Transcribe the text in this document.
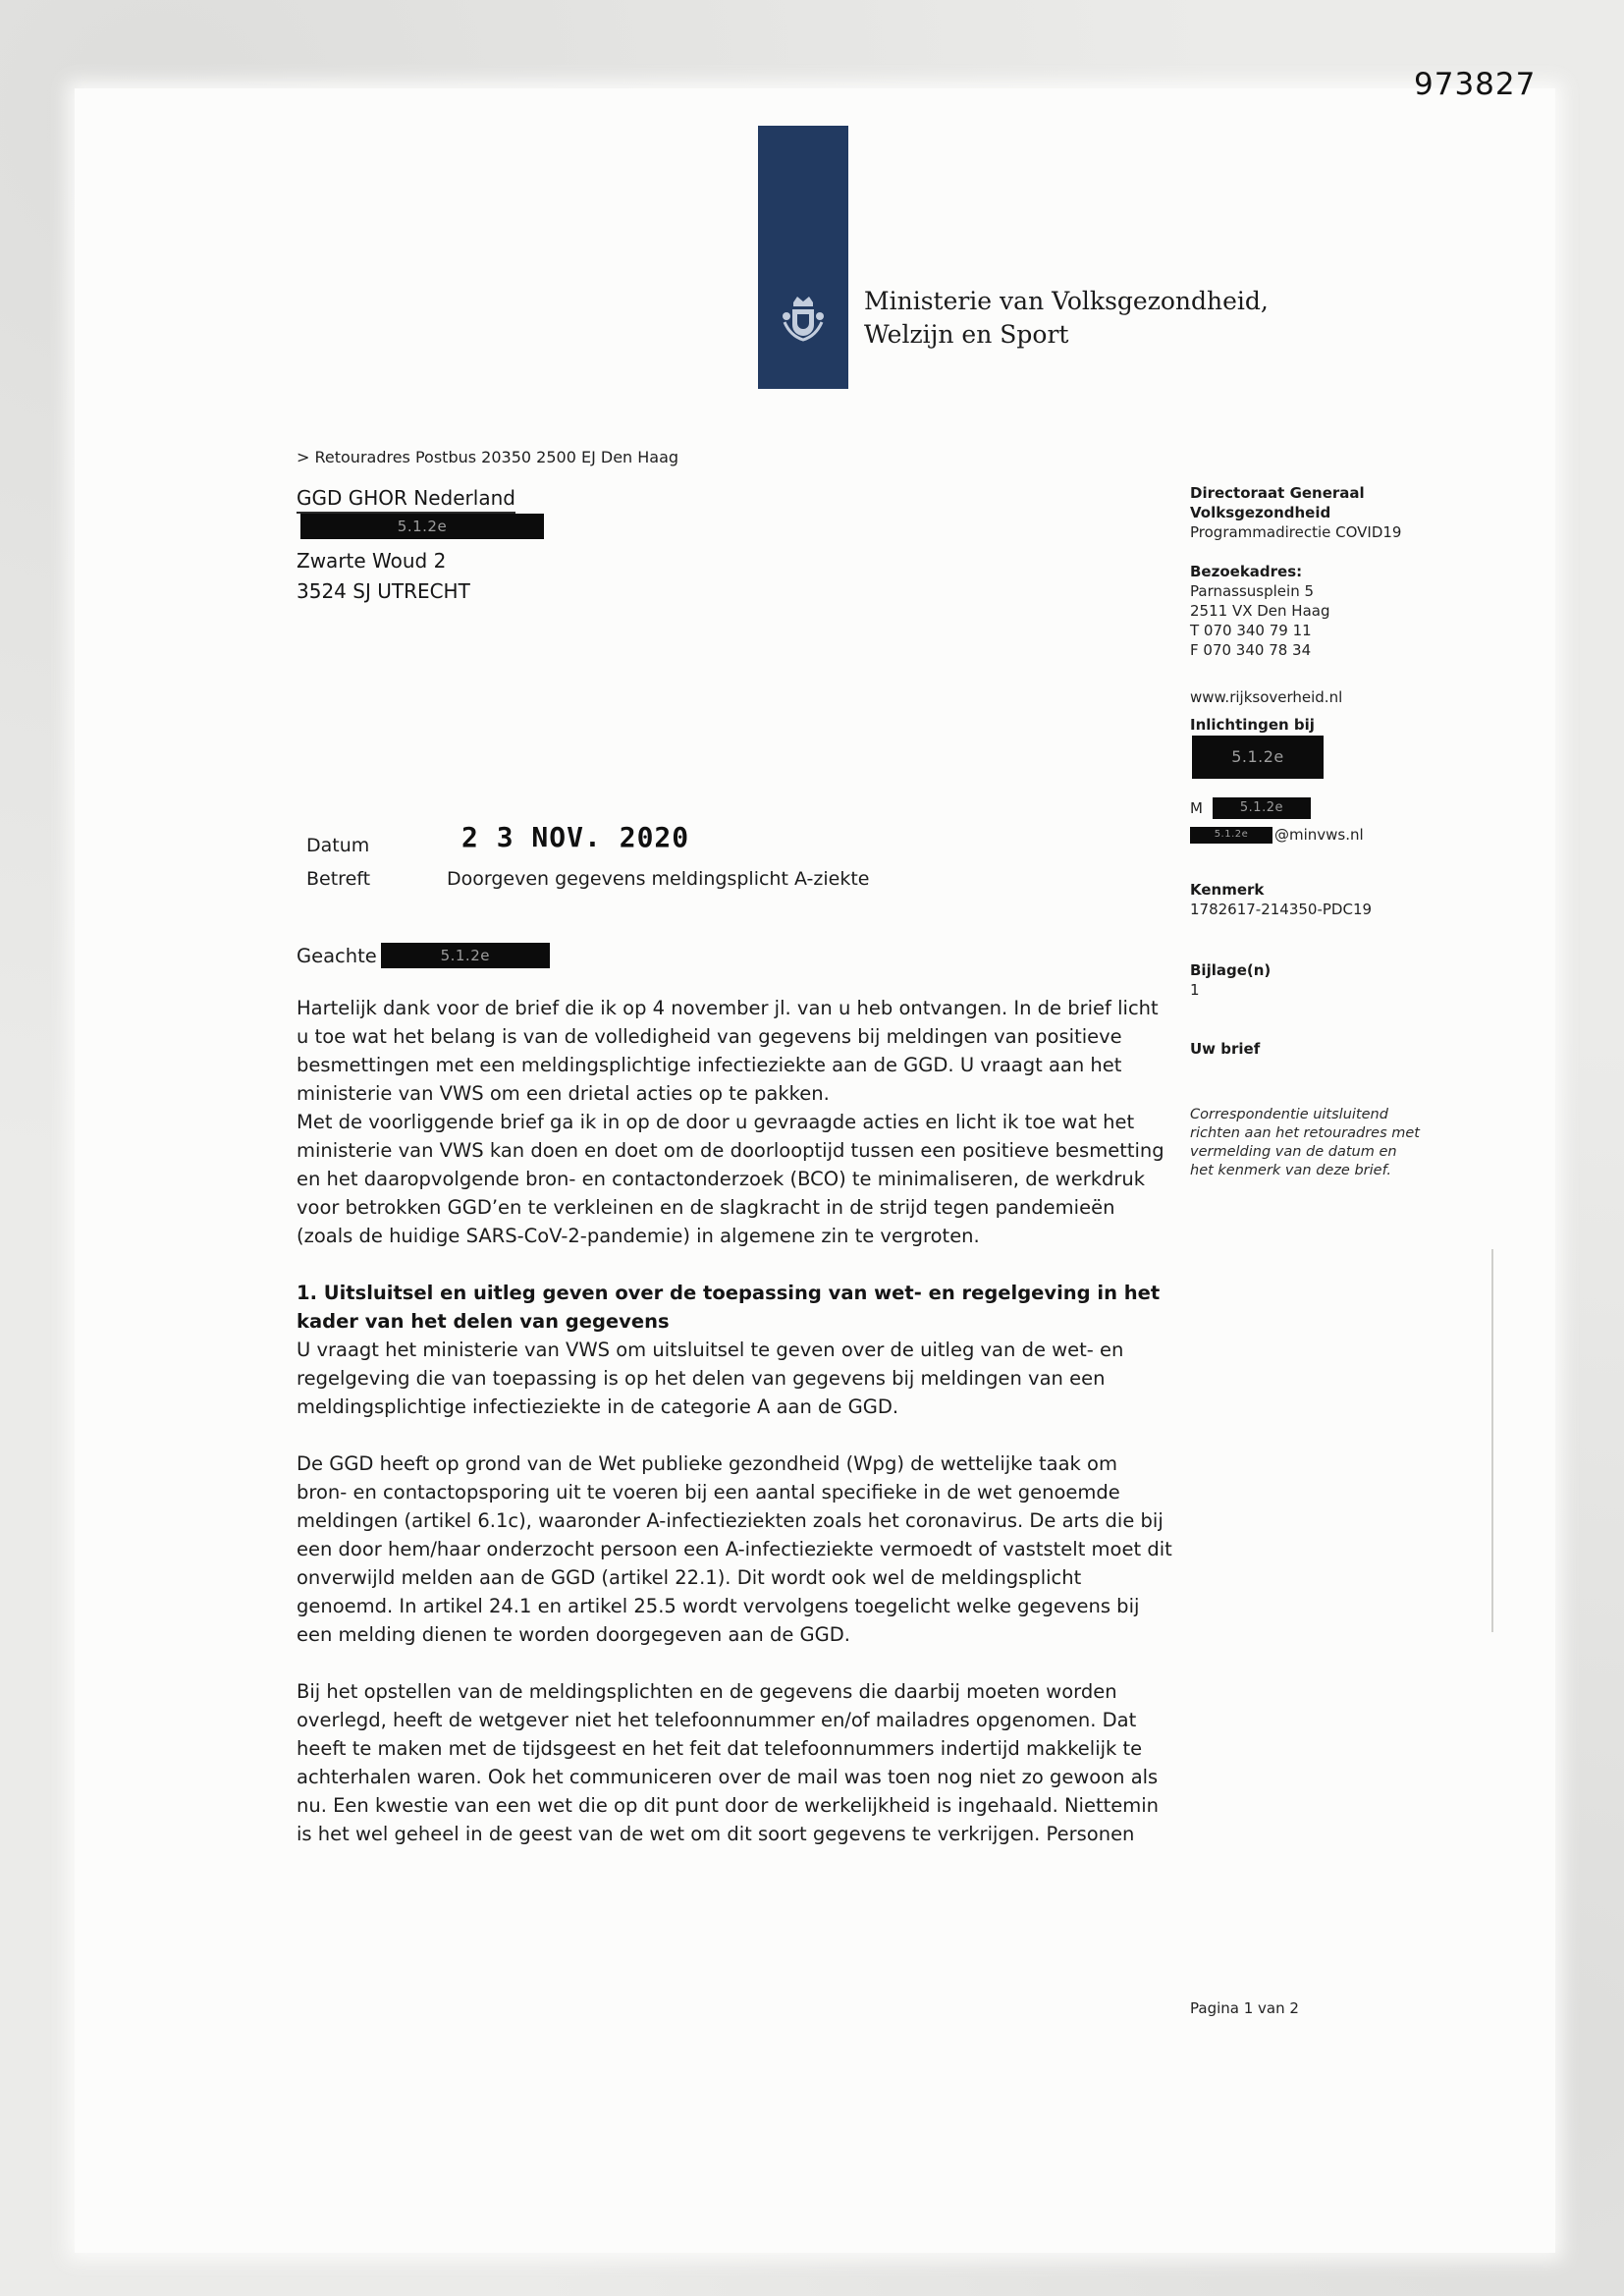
973827
Ministerie van Volksgezondheid,
Welzijn en Sport
> Retouradres Postbus 20350 2500 EJ Den Haag
GGD GHOR Nederland
5.1.2e
Zwarte Woud 2
3524 SJ UTRECHT
Datum	2 3 NOV. 2020
Betreft	Doorgeven gegevens meldingsplicht A-ziekte
Geachte	5.1.2e

Hartelijk dank voor de brief die ik op 4 november jl. van u heb ontvangen. In de brief licht u toe wat het belang is van de volledigheid van gegevens bij meldingen van positieve besmettingen met een meldingsplichtige infectieziekte aan de GGD. U vraagt aan het ministerie van VWS om een drietal acties op te pakken.

Met de voorliggende brief ga ik in op de door u gevraagde acties en licht ik toe wat het ministerie van VWS kan doen en doet om de doorlooptijd tussen een positieve besmetting en het daaropvolgende bron- en contactonderzoek (BCO) te minimaliseren, de werkdruk voor betrokken GGD’en te verkleinen en de slagkracht in de strijd tegen pandemieën (zoals de huidige SARS-CoV-2-pandemie) in algemene zin te vergroten.

1. Uitsluitsel en uitleg geven over de toepassing van wet- en regelgeving in het kader van het delen van gegevens

U vraagt het ministerie van VWS om uitsluitsel te geven over de uitleg van de wet- en regelgeving die van toepassing is op het delen van gegevens bij meldingen van een meldingsplichtige infectieziekte in de categorie A aan de GGD.

De GGD heeft op grond van de Wet publieke gezondheid (Wpg) de wettelijke taak om bron- en contactopsporing uit te voeren bij een aantal specifieke in de wet genoemde meldingen (artikel 6.1c), waaronder A-infectieziekten zoals het coronavirus. De arts die bij een door hem/haar onderzocht persoon een A-infectieziekte vermoedt of vaststelt moet dit onverwijld melden aan de GGD (artikel 22.1). Dit wordt ook wel de meldingsplicht genoemd. In artikel 24.1 en artikel 25.5 wordt vervolgens toegelicht welke gegevens bij een melding dienen te worden doorgegeven aan de GGD.

Bij het opstellen van de meldingsplichten en de gegevens die daarbij moeten worden overlegd, heeft de wetgever niet het telefoonnummer en/of mailadres opgenomen. Dat heeft te maken met de tijdsgeest en het feit dat telefoonnummers indertijd makkelijk te achterhalen waren. Ook het communiceren over de mail was toen nog niet zo gewoon als nu. Een kwestie van een wet die op dit punt door de werkelijkheid is ingehaald. Niettemin is het wel geheel in de geest van de wet om dit soort gegevens te verkrijgen. Personen

Directoraat Generaal
Volksgezondheid
Programmadirectie COVID19
Bezoekadres:
Parnassusplein 5
2511 VX Den Haag
T 070 340 79 11
F 070 340 78 34
www.rijksoverheid.nl
Inlichtingen bij
5.1.2e
M	5.1.2e
5.1.2e	@minvws.nl
Kenmerk
1782617-214350-PDC19
Bijlage(n)
1
Uw brief
Correspondentie uitsluitend richten aan het retouradres met vermelding van de datum en het kenmerk van deze brief.
Pagina 1 van 2
